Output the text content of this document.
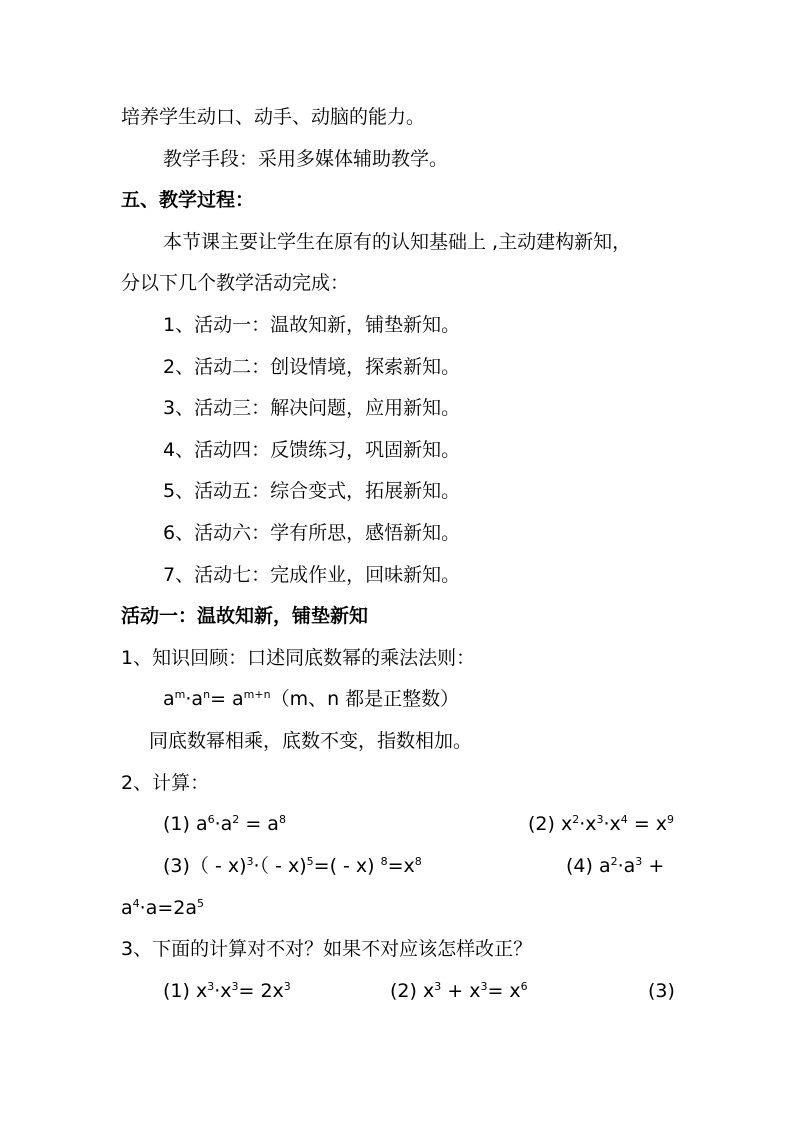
培养学生动口、动手、动脑的能力。
教学手段：采用多媒体辅助教学。
五、教学过程：
本节课主要让学生在原有的认知基础上 ,主动建构新知，
分以下几个教学活动完成：
1、活动一：温故知新，铺垫新知。
2、活动二：创设情境，探索新知。
3、活动三：解决问题，应用新知。
4、活动四：反馈练习，巩固新知。
5、活动五：综合变式，拓展新知。
6、活动六：学有所思，感悟新知。
7、活动七：完成作业，回味新知。
活动一：温故知新，铺垫新知
1、知识回顾：口述同底数幂的乘法法则：
$a^m\cdot a^n= a^{m+n}(m$、n 都是正整数）
同底数幂相乘，底数不变，指数相加。
2、计算：
(1) $a^6\cdot a^2 = a^8$	(2) $x^2\cdot x^3\cdot x^4 = x^9$
(3)（ - x)$^3$·（ - x)$^5$=( - x) $^8=x^8$	(4) $a^2\cdot a^3$ +
$a^4\cdot a=2a^5$
3、下面的计算对不对？如果不对应该怎样改正？
(1) $x^3\cdot x^3= 2x^3$	(2) $x^3 + x^3= x^6$	(3)
